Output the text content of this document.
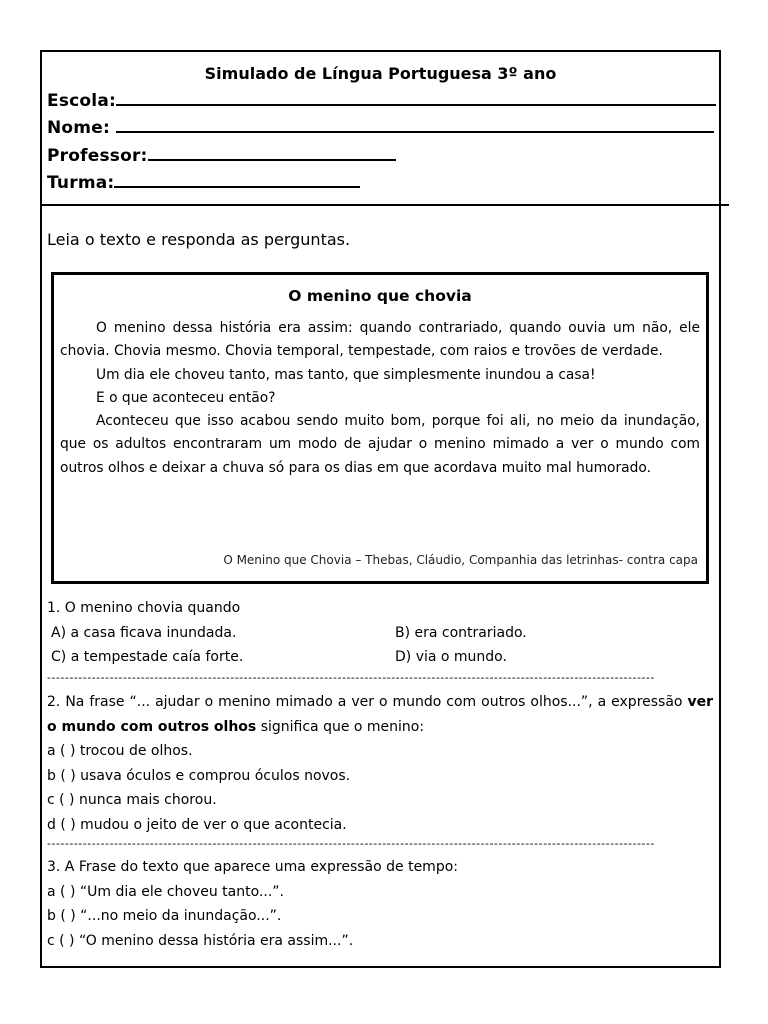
Simulado de Língua Portuguesa 3º ano
Escola:
Nome:
Professor:
Turma:
Leia o texto e responda as perguntas.
O menino que chovia

O menino dessa história era assim: quando contrariado, quando ouvia um não, ele chovia. Chovia mesmo. Chovia temporal, tempestade, com raios e trovões de verdade.

Um dia ele choveu tanto, mas tanto, que simplesmente inundou a casa!

E o que aconteceu então?

Aconteceu que isso acabou sendo muito bom, porque foi ali, no meio da inundação, que os adultos encontraram um modo de ajudar o menino mimado a ver o mundo com outros olhos e deixar a chuva só para os dias em que acordava muito mal humorado.

O Menino que Chovia – Thebas, Cláudio, Companhia das letrinhas- contra capa

1. O menino chovia quando

A) a casa ficava inundada.	B) era contrariado.
C) a tempestade caía forte.	D) via o mundo.
----------------------------------------------------------------------------------------------------------------------------------------

2. Na frase “... ajudar o menino mimado a ver o mundo com outros olhos...”, a expressão ver o mundo com outros olhos significa que o menino:

a ( ) trocou de olhos.

b ( ) usava óculos e comprou óculos novos.

c ( ) nunca mais chorou.

d ( ) mudou o jeito de ver o que acontecia.

----------------------------------------------------------------------------------------------------------------------------------------

3. A Frase do texto que aparece uma expressão de tempo:

a ( ) “Um dia ele choveu tanto...”.

b ( ) “...no meio da inundação...”.

c ( ) “O menino dessa história era assim...”.
